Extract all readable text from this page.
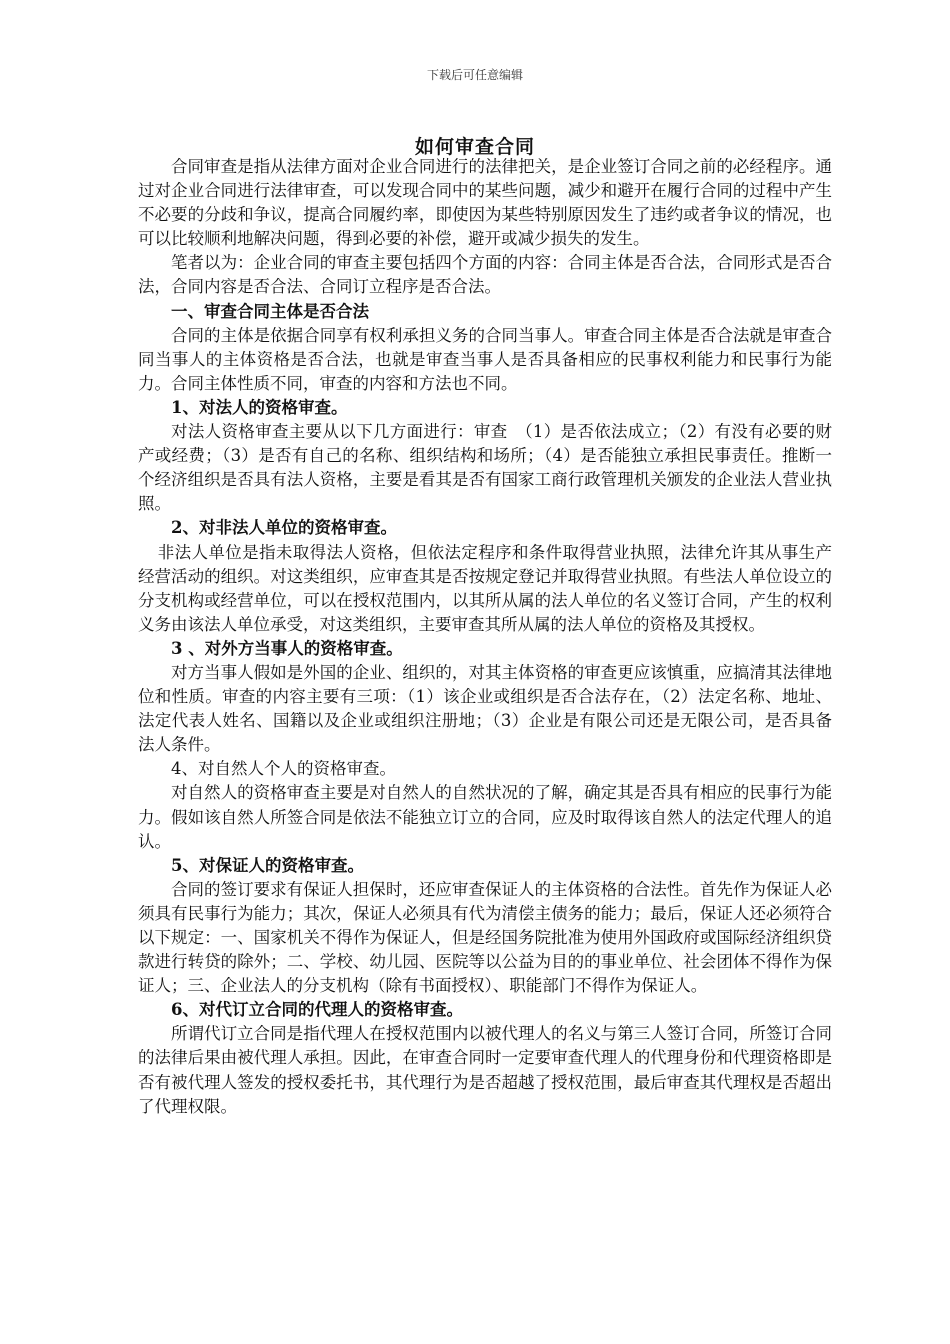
下载后可任意编辑
如何审查合同

合同审查是指从法律方面对企业合同进行的法律把关，是企业签订合同之前的必经程序。通过对企业合同进行法律审查，可以发现合同中的某些问题，减少和避开在履行合同的过程中产生不必要的分歧和争议，提高合同履约率，即使因为某些特别原因发生了违约或者争议的情况，也可以比较顺利地解决问题，得到必要的补偿，避开或减少损失的发生。

笔者以为：企业合同的审查主要包括四个方面的内容：合同主体是否合法，合同形式是否合法，合同内容是否合法、合同订立程序是否合法。

一、审查合同主体是否合法

合同的主体是依据合同享有权利承担义务的合同当事人。审查合同主体是否合法就是审查合同当事人的主体资格是否合法，也就是审查当事人是否具备相应的民事权利能力和民事行为能力。合同主体性质不同，审查的内容和方法也不同。

1、对法人的资格审查。

对法人资格审查主要从以下几方面进行：审查　（1）是否依法成立；（2）有没有必要的财产或经费；（3）是否有自己的名称、组织结构和场所；（4）是否能独立承担民事责任。推断一个经济组织是否具有法人资格，主要是看其是否有国家工商行政管理机关颁发的企业法人营业执照。

2、对非法人单位的资格审查。

非法人单位是指未取得法人资格，但依法定程序和条件取得营业执照，法律允许其从事生产经营活动的组织。对这类组织，应审查其是否按规定登记并取得营业执照。有些法人单位设立的分支机构或经营单位，可以在授权范围内，以其所从属的法人单位的名义签订合同，产生的权利义务由该法人单位承受，对这类组织，主要审查其所从属的法人单位的资格及其授权。

3 、对外方当事人的资格审查。

对方当事人假如是外国的企业、组织的，对其主体资格的审查更应该慎重，应搞清其法律地位和性质。审查的内容主要有三项：（1）该企业或组织是否合法存在，（2）法定名称、地址、法定代表人姓名、国籍以及企业或组织注册地；（3）企业是有限公司还是无限公司，是否具备法人条件。

4、对自然人个人的资格审查。

对自然人的资格审查主要是对自然人的自然状况的了解，确定其是否具有相应的民事行为能力。假如该自然人所签合同是依法不能独立订立的合同，应及时取得该自然人的法定代理人的追认。

5、对保证人的资格审查。

合同的签订要求有保证人担保时，还应审查保证人的主体资格的合法性。首先作为保证人必须具有民事行为能力；其次，保证人必须具有代为清偿主债务的能力；最后，保证人还必须符合以下规定：一、国家机关不得作为保证人，但是经国务院批准为使用外国政府或国际经济组织贷款进行转贷的除外；二、学校、幼儿园、医院等以公益为目的的事业单位、社会团体不得作为保证人；三、企业法人的分支机构（除有书面授权）、职能部门不得作为保证人。

6、对代订立合同的代理人的资格审查。

所谓代订立合同是指代理人在授权范围内以被代理人的名义与第三人签订合同，所签订合同的法律后果由被代理人承担。因此，在审查合同时一定要审查代理人的代理身份和代理资格即是否有被代理人签发的授权委托书，其代理行为是否超越了授权范围，最后审查其代理权是否超出了代理权限。
